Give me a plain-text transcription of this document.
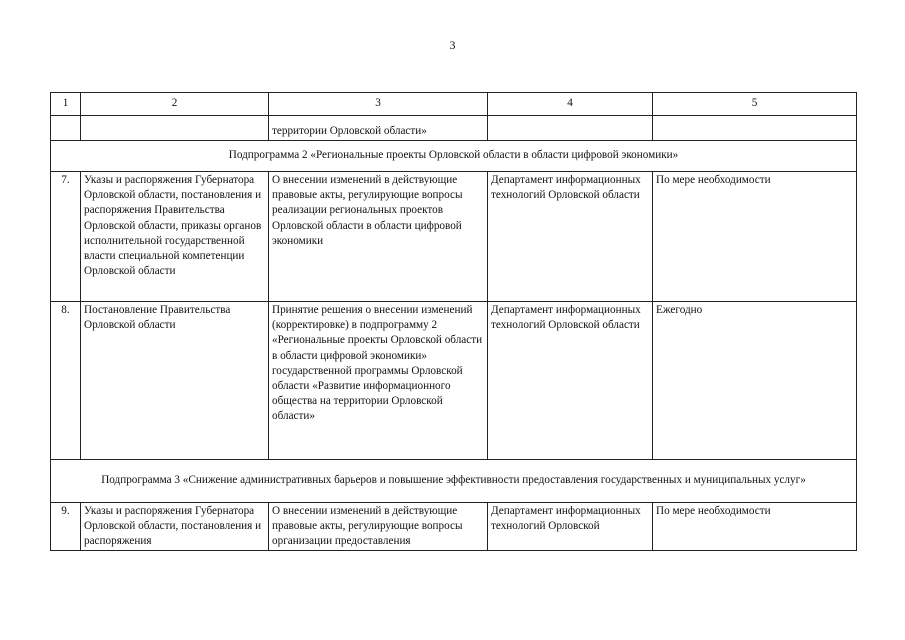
3
1	2	3	4	5
		территории Орловской области»		
Подпрограмма 2 «Региональные проекты Орловской области в области цифровой экономики»				
7.	Указы и распоряжения Губернатора Орловской области, постановления и распоряжения Правительства Орловской области, приказы органов исполнительной государственной власти специальной компетенции Орловской области	О внесении изменений в действующие правовые акты, регулирующие вопросы реализации региональных проектов Орловской области в области цифровой экономики	Департамент информационных технологий Орловской области	По мере необходимости
8.	Постановление Правительства Орловской области	Принятие решения о внесении изменений (корректировке) в подпрограмму 2 «Региональные проекты Орловской области в области цифровой экономики» государственной программы Орловской области «Развитие информационного общества на территории Орловской области»	Департамент информационных технологий Орловской области	Ежегодно
Подпрограмма 3 «Снижение административных барьеров и повышение эффективности предоставления государственных и муниципальных услуг»				
9.	Указы и распоряжения Губернатора Орловской области, постановления и распоряжения	О внесении изменений в действующие правовые акты, регулирующие вопросы организации предоставления	Департамент информационных технологий Орловской	По мере необходимости
